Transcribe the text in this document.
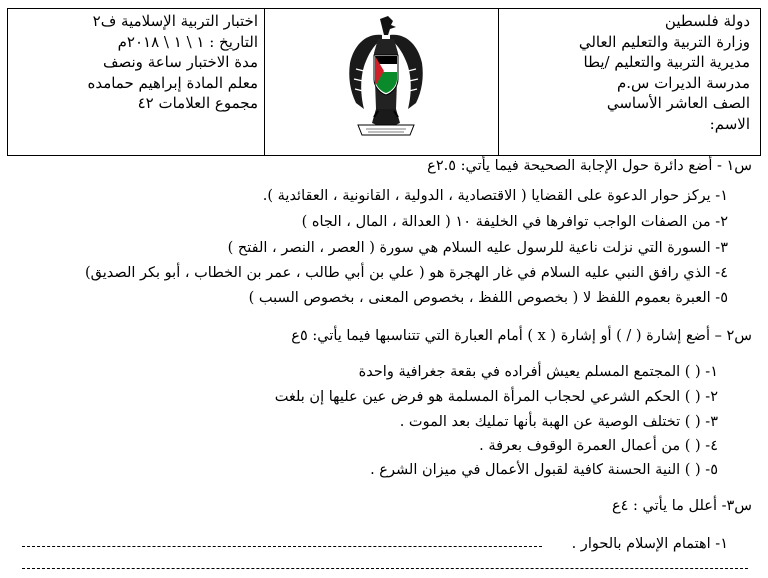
دولة فلسطين
وزارة التربية والتعليم العالي
مديرية التربية والتعليم /يطا
مدرسة الديرات س.م
الصف العاشر الأساسي
الاسم:
اختبار التربية الإسلامية ف٢
التاريخ : ١ \ ١ \ ٢٠١٨م
مدة الاختبار ساعة ونصف
معلم المادة إبراهيم حمامده
مجموع العلامات ٤٢
س١ - أضع دائرة حول الإجابة الصحيحة فيما يأتي: ٢.٥ع
١- يركز حوار الدعوة على القضايا ( الاقتصادية ، الدولية ، القانونية ، العقائدية ).
٢- من الصفات الواجب توافرها في الخليفة ١٠ ( العدالة ، المال ، الجاه )
٣- السورة التي نزلت ناعية للرسول عليه السلام هي سورة ( العصر ، النصر ، الفتح )
٤- الذي رافق النبي عليه السلام في غار الهجرة هو ( علي بن أبي طالب ، عمر بن الخطاب ، أبو بكر الصديق)
٥- العبرة بعموم اللفظ لا ( بخصوص اللفظ ، بخصوص المعنى ، بخصوص السبب )
س٢ – أضع إشارة ( / ) أو إشارة ( x ) أمام العبارة التي تتناسبها فيما يأتي: ٥ع
١- ( ) المجتمع المسلم يعيش أفراده في بقعة جغرافية واحدة
٢- ( ) الحكم الشرعي لحجاب المرأة المسلمة هو فرض عين عليها إن بلغت
٣- ( ) تختلف الوصية عن الهبة بأنها تمليك بعد الموت .
٤- ( ) من أعمال العمرة الوقوف بعرفة .
٥- ( ) النية الحسنة كافية لقبول الأعمال في ميزان الشرع .
س٣- أعلل ما يأتي : ٤ع
١- اهتمام الإسلام بالحوار .
